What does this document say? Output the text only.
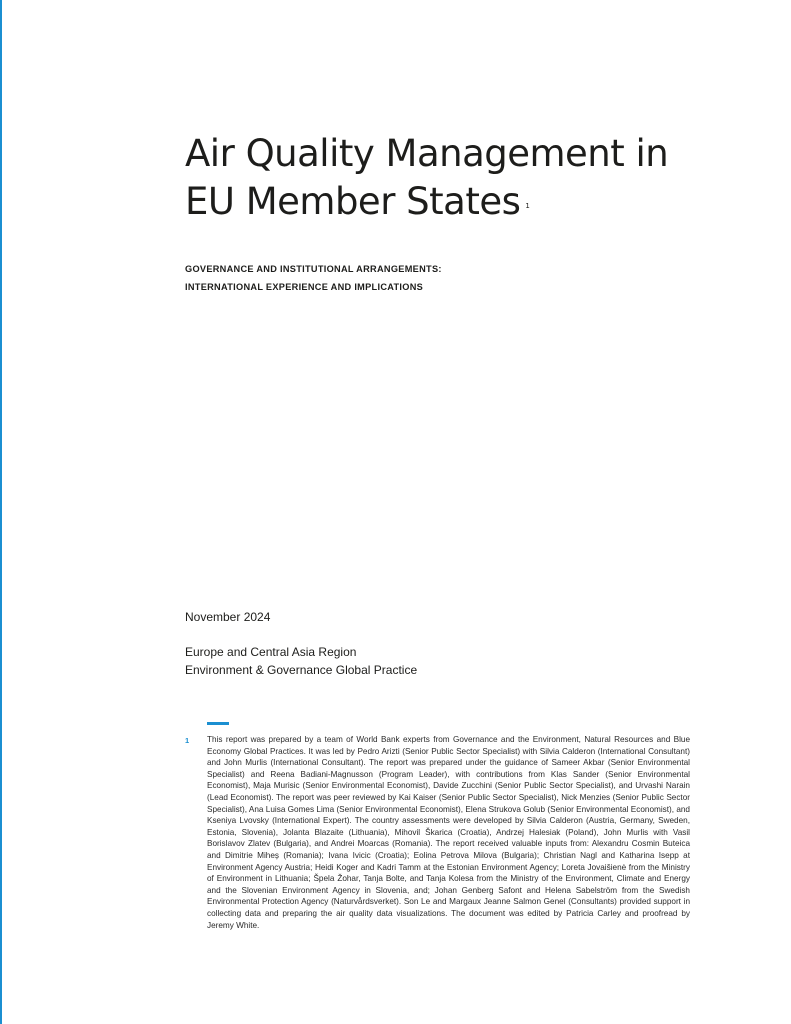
Air Quality Management in
EU Member States $^1$
GOVERNANCE AND INSTITUTIONAL ARRANGEMENTS:
INTERNATIONAL EXPERIENCE AND IMPLICATIONS
November 2024
Europe and Central Asia Region
Environment & Governance Global Practice
1 This report was prepared by a team of World Bank experts from Governance and the Environment, Natural Resources and Blue Economy Global Practices. It was led by Pedro Arizti (Senior Public Sector Specialist) with Silvia Calderon (International Consultant) and John Murlis (International Consultant). The report was prepared under the guidance of Sameer Akbar (Senior Environmental Specialist) and Reena Badiani-Magnusson (Program Leader), with contributions from Klas Sander (Senior Environmental Economist), Maja Murisic (Senior Environmental Economist), Davide Zucchini (Senior Public Sector Specialist), and Urvashi Narain (Lead Economist). The report was peer reviewed by Kai Kaiser (Senior Public Sector Specialist), Nick Menzies (Senior Public Sector Specialist), Ana Luisa Gomes Lima (Senior Environmental Economist), Elena Strukova Golub (Senior Environmental Economist), and Kseniya Lvovsky (International Expert). The country assessments were developed by Silvia Calderon (Austria, Germany, Sweden, Estonia, Slovenia), Jolanta Blazaite (Lithuania), Mihovil Škarica (Croatia), Andrzej Halesiak (Poland), John Murlis with Vasil Borislavov Zlatev (Bulgaria), and Andrei Moarcas (Romania). The report received valuable inputs from: Alexandru Cosmin Buteica and Dimitrie Miheș (Romania); Ivana Ivicic (Croatia); Eolina Petrova Milova (Bulgaria); Christian Nagl and Katharina Isepp at Environment Agency Austria; Heidi Koger and Kadri Tamm at the Estonian Environment Agency; Loreta Jovaišienė from the Ministry of Environment in Lithuania; Špela Žohar, Tanja Bolte, and Tanja Kolesa from the Ministry of the Environment, Climate and Energy and the Slovenian Environment Agency in Slovenia, and; Johan Genberg Safont and Helena Sabelström from the Swedish Environmental Protection Agency (Naturvårdsverket). Son Le and Margaux Jeanne Salmon Genel (Consultants) provided support in collecting data and preparing the air quality data visualizations. The document was edited by Patricia Carley and proofread by Jeremy White.
